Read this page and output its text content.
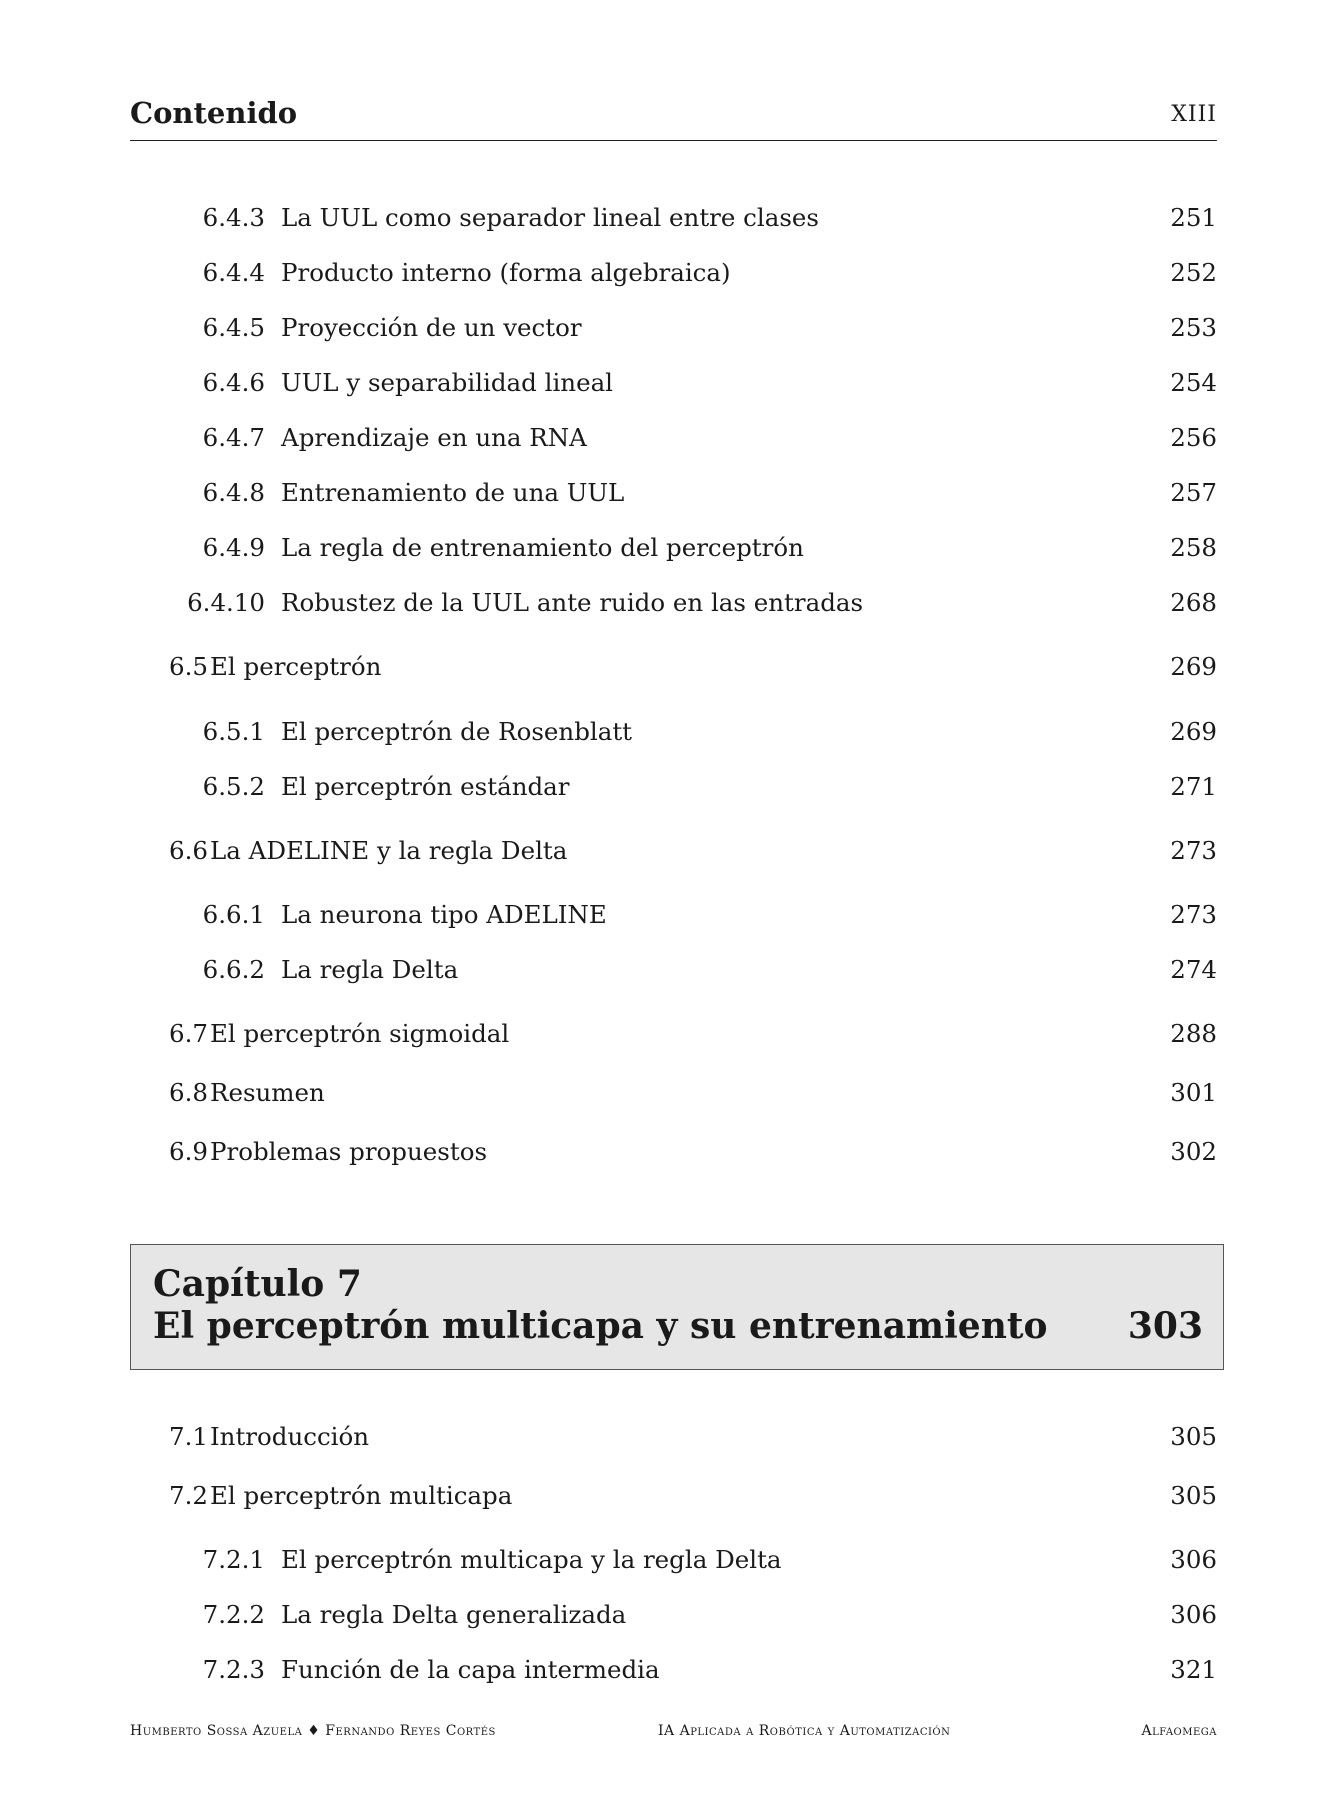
Contenido	XIII
6.4.3 La UUL como separador lineal entre clases	251
6.4.4 Producto interno (forma algebraica)	252
6.4.5 Proyección de un vector	253
6.4.6 UUL y separabilidad lineal	254
6.4.7 Aprendizaje en una RNA	256
6.4.8 Entrenamiento de una UUL	257
6.4.9 La regla de entrenamiento del perceptrón	258
6.4.10 Robustez de la UUL ante ruido en las entradas	268
6.5 El perceptrón	269
6.5.1 El perceptrón de Rosenblatt	269
6.5.2 El perceptrón estándar	271
6.6 La ADELINE y la regla Delta	273
6.6.1 La neurona tipo ADELINE	273
6.6.2 La regla Delta	274
6.7 El perceptrón sigmoidal	288
6.8 Resumen	301
6.9 Problemas propuestos	302
Capítulo 7
El perceptrón multicapa y su entrenamiento 303
7.1 Introducción	305
7.2 El perceptrón multicapa	305
7.2.1 El perceptrón multicapa y la regla Delta	306
7.2.2 La regla Delta generalizada	306
7.2.3 Función de la capa intermedia	321
Humberto Sossa Azuela ♦ Fernando Reyes Cortés	IA Aplicada a Robótica y Automatización	Alfaomega
